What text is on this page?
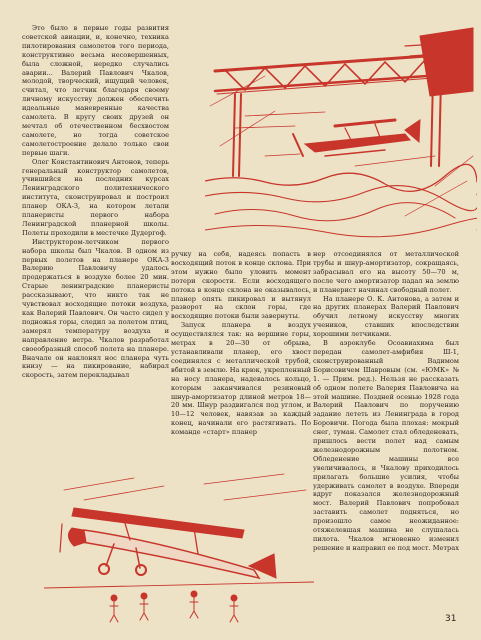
Это было в первые годы развития советской авиации, и, конечно, техника пилотирования самолетов того периода, конструктивно весьма несовершенных, была сложной, нередко случались аварии... Валерий Павлович Чкалов, молодой, творческий, ищущий человек, считал, что летчик благодаря своему личному искусству должен обеспечить идеальные маневренные качества самолета. В кругу своих друзей он мечтал об отечественном бесхвостом самолете, но тогда советское самолетостроение делало только свои первые шаги.

Олег Константинович Антонов, теперь генеральный конструктор самолетов, учившийся на последних курсах Ленинградского политехнического института, сконструировал и построил планер ОКА-3, на котором летали планеристы первого набора Ленинградской планерной школы. Полеты проходили в местечке Дудергоф.

Инструктором-летчиком первого набора школы был Чкалов. В одном из первых полетов на планере ОКА-3 Валерию Павловичу удалось продержаться в воздухе более 20 мин. Старые ленинградские планеристы рассказывают, что никто так не чувствовал восходящие потоки воздуха, как Валерий Павлович. Он часто сидел у подножья горы, следил за полетом птиц, замерял температуру воздуха и направление ветра. Чкалов разработал своеобразный способ полета на планере. Вначале он наклонял нос планера чуть книзу — на пикирование, набирал скорость, затем перекладывал

ручку на себя, надеясь попасть в восходящий поток в конце склона. При этом нужно было уловить момент потери скорости. Если восходящего потока в конце склона не оказывалось, планер опять пикировал и вытянул разворот на склон горы, где восходящие потоки были завернуты.

Запуск планера в воздух осуществлялся так: на вершине горы, метрах в 20—30 от обрыва, устанавливали планер, его хвост соединялся с металлической трубой, вбитой в землю. На крюк, укрепленный на носу планера, надевалось кольцо, которым заканчивался резиновый шнур-амортизатор длиной метров 18—20 мм. Шнур раздвигался под углом, и 10—12 человек, навязав за каждый конец, начинали его растягивать. По команде «старт» планер

нер отсоединялся от металлической трубы и шнур-амортизатор, сокращаясь, забрасывал его на высоту 50—70 м, после чего амортизатор падал на землю и планерист начинал свободный полет.

На планере О. К. Антонова, а затем и на других планерах Валерий Павлович обучил летному искусству многих учеников, ставших впоследствии хорошими летчиками.

В аэроклубе Осоавиахима был передан самолет-амфибия Ш-1, сконструированный Вадимом Борисовичем Шавровым (см. «ЮМК» № 1. — Прим. ред.). Нельзя не рассказать об одном полете Валерия Павловича на этой машине. Поздней осенью 1928 года Валерий Павлович по поручению задание лететь из Ленинграда в город Боровичи. Погода была плохая: мокрый снег, туман. Самолет стал обледеневать, пришлось вести полет над самым железнодорожным полотном. Обледенение машины все увеличивалось, и Чкалову приходилось прилагать большие усилия, чтобы удерживать самолет в воздухе. Впереди вдруг показался железнодорожный мост. Валерий Павлович попробовал заставить самолет подняться, но произошло самое неожиданное: отяжелевшая машина не слушалась пилота. Чкалов мгновенно изменил решение и направил ее под мост. Метрах

31
